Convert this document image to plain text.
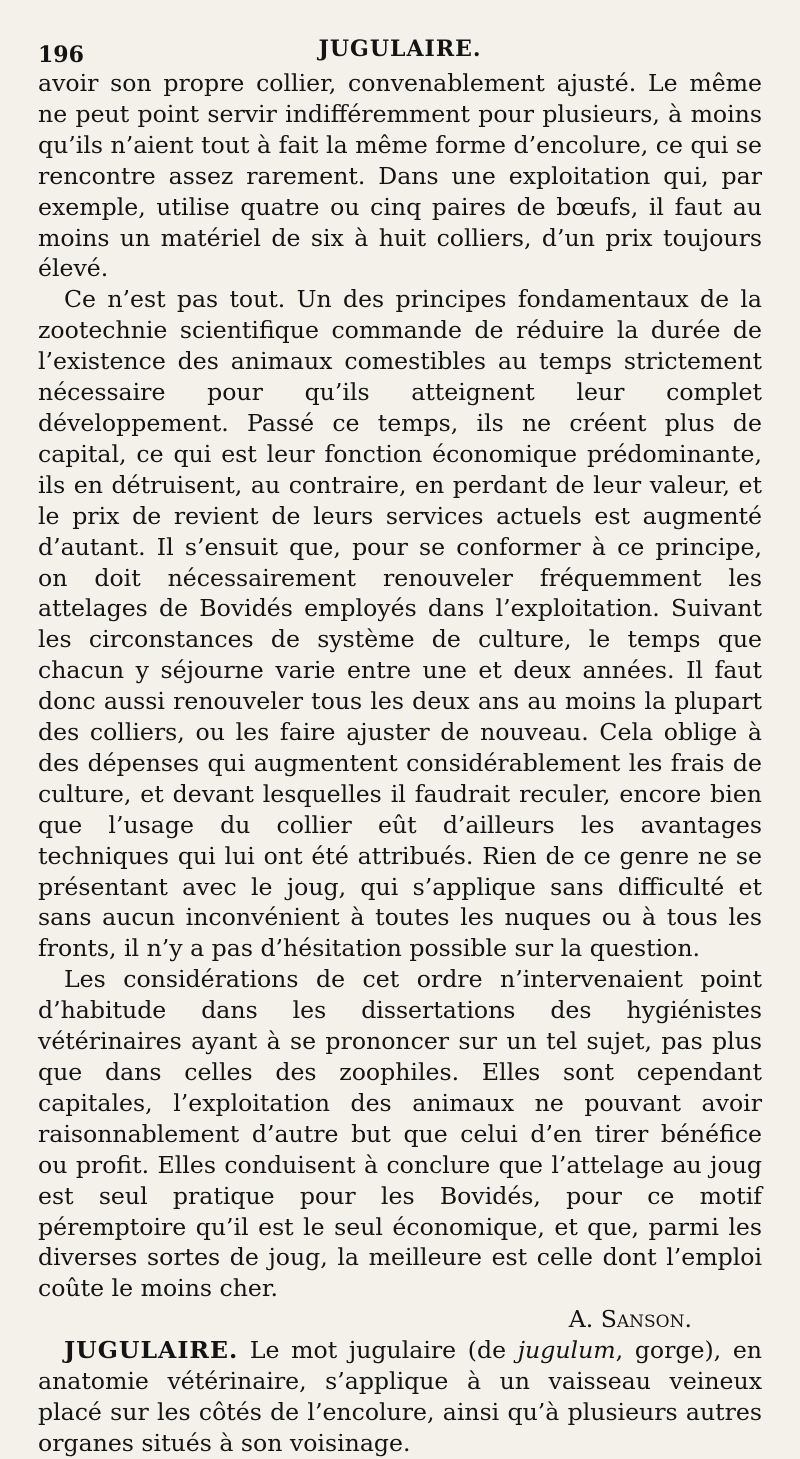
196	JUGULAIRE.

avoir son propre collier, convenablement ajusté. Le même ne peut point servir indifféremment pour plusieurs, à moins qu’ils n’aient tout à fait la même forme d’encolure, ce qui se rencontre assez rarement. Dans une exploitation qui, par exemple, utilise quatre ou cinq paires de bœufs, il faut au moins un matériel de six à huit colliers, d’un prix toujours élevé.

Ce n’est pas tout. Un des principes fondamentaux de la zootechnie scientifique commande de réduire la durée de l’existence des animaux comestibles au temps strictement nécessaire pour qu’ils atteignent leur complet développement. Passé ce temps, ils ne créent plus de capital, ce qui est leur fonction économique prédominante, ils en détruisent, au contraire, en perdant de leur valeur, et le prix de revient de leurs services actuels est augmenté d’autant. Il s’ensuit que, pour se conformer à ce principe, on doit nécessairement renouveler fréquemment les attelages de Bovidés employés dans l’exploitation. Suivant les circonstances de système de culture, le temps que chacun y séjourne varie entre une et deux années. Il faut donc aussi renouveler tous les deux ans au moins la plupart des colliers, ou les faire ajuster de nouveau. Cela oblige à des dépenses qui augmentent considérablement les frais de culture, et devant lesquelles il faudrait reculer, encore bien que l’usage du collier eût d’ailleurs les avantages techniques qui lui ont été attribués. Rien de ce genre ne se présentant avec le joug, qui s’applique sans difficulté et sans aucun inconvénient à toutes les nuques ou à tous les fronts, il n’y a pas d’hésitation possible sur la question.

Les considérations de cet ordre n’intervenaient point d’habitude dans les dissertations des hygiénistes vétérinaires ayant à se prononcer sur un tel sujet, pas plus que dans celles des zoophiles. Elles sont cependant capitales, l’exploitation des animaux ne pouvant avoir raisonnablement d’autre but que celui d’en tirer bénéfice ou profit. Elles conduisent à conclure que l’attelage au joug est seul pratique pour les Bovidés, pour ce motif péremptoire qu’il est le seul économique, et que, parmi les diverses sortes de joug, la meilleure est celle dont l’emploi coûte le moins cher.

A. Sanson.

JUGULAIRE. Le mot jugulaire (de jugulum, gorge), en anatomie vétérinaire, s’applique à un vaisseau veineux placé sur les côtés de l’encolure, ainsi qu’à plusieurs autres organes situés à son voisinage.
